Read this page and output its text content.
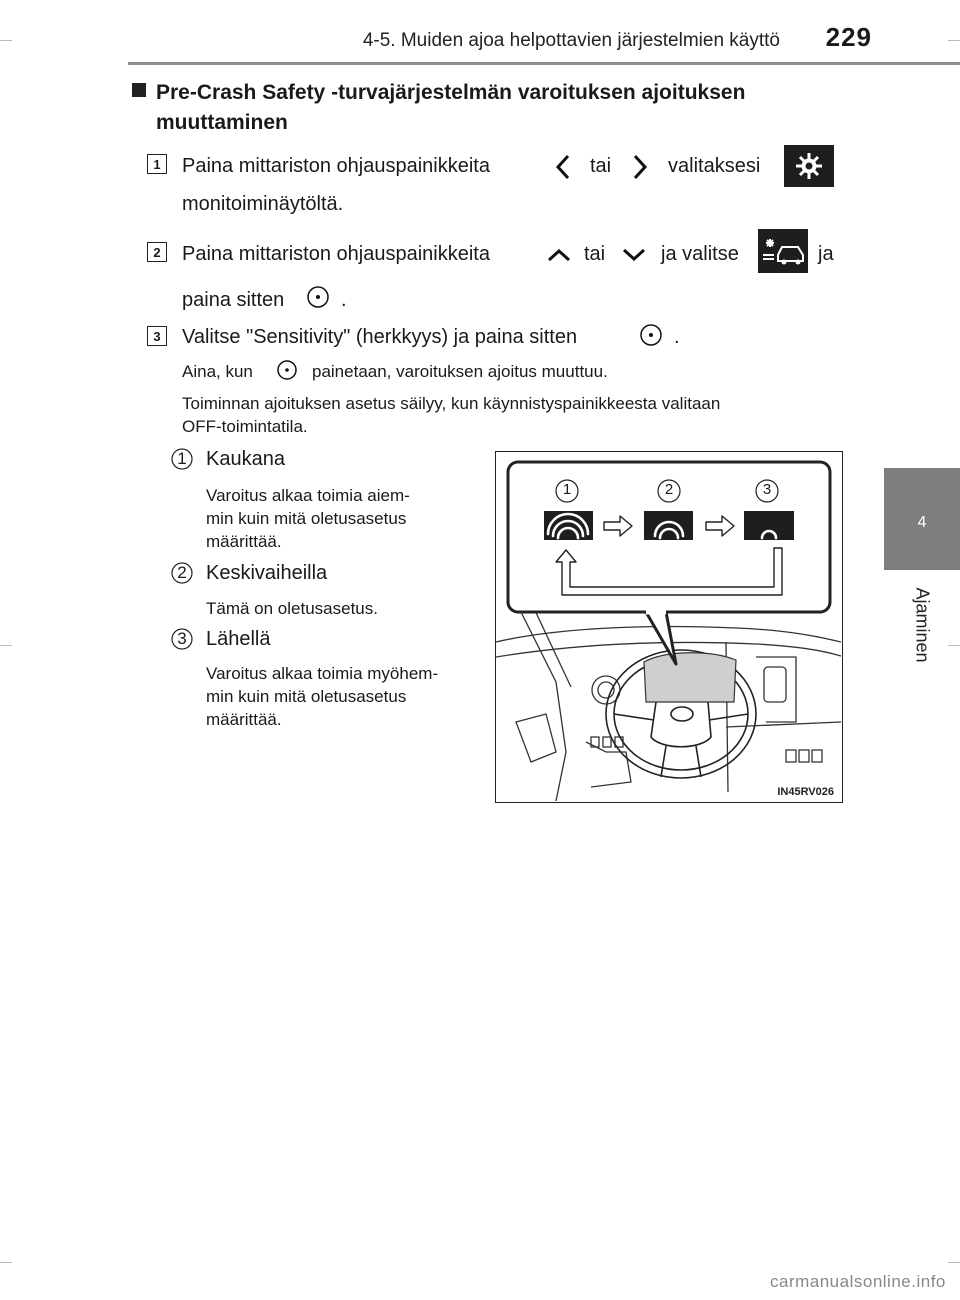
4-5. Muiden ajoa helpottavien järjestelmien käyttö	229
4
Ajaminen
Pre-Crash Safety -turvajärjestelmän varoituksen ajoituksen
muuttaminen
1	Paina mittariston ohjauspainikkeita	tai	valitaksesi
monitoiminäytöltä.
2	Paina mittariston ohjauspainikkeita	tai	ja valitse	ja
paina sitten	.
3	Valitse "Sensitivity" (herkkyys) ja paina sitten	.
Aina, kun	painetaan, varoituksen ajoitus muuttuu.
Toiminnan ajoituksen asetus säilyy, kun käynnistyspainikkeesta valitaan
OFF-toimintatila.
1 Kaukana
Varoitus alkaa toimia aiem-
min kuin mitä oletusasetus
määrittää.
2 Keskivaiheilla
Tämä on oletusasetus.
3 Lähellä
Varoitus alkaa toimia myöhem-
min kuin mitä oletusasetus
määrittää.
1	2	3
IN45RV026
carmanualsonline.info
